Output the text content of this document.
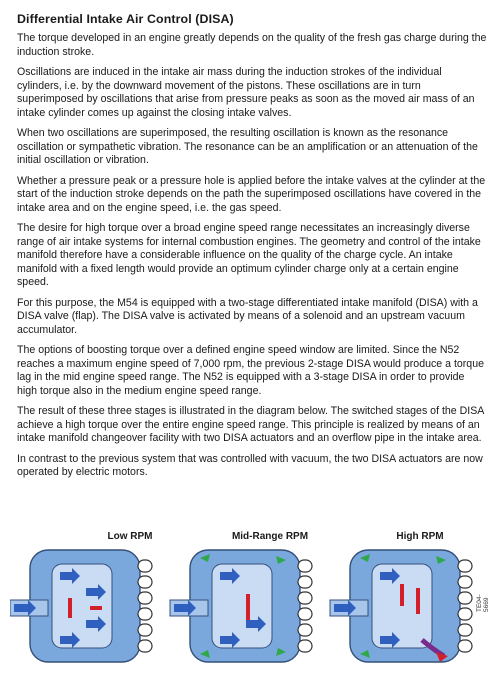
Differential Intake Air Control (DISA)

The torque developed in an engine greatly depends on the quality of the fresh gas charge during the induction stroke.

Oscillations are induced in the intake air mass during the induction strokes of the individual cylinders, i.e. by the downward movement of the pistons. These oscillations are in turn superimposed by oscillations that arise from pressure peaks as soon as the moved air mass of an intake cylinder comes up against the closing intake valves.

When two oscillations are superimposed, the resulting oscillation is known as the resonance oscillation or sympathetic vibration. The resonance can be an amplification or an attenuation of the initial oscillation or vibration.

Whether a pressure peak or a pressure hole is applied before the intake valves at the cylinder at the start of the induction stroke depends on the path the superimposed oscillations have covered in the intake area and on the engine speed, i.e. the gas speed.

The desire for high torque over a broad engine speed range necessitates an increasingly diverse range of air intake systems for internal combustion engines. The geometry and control of the intake manifold therefore have a considerable influence on the quality of the charge cycle. An intake manifold with a fixed length would provide an optimum cylinder charge only at a certain engine speed.

For this purpose, the M54 is equipped with a two-stage differentiated intake manifold (DISA) with a DISA valve (flap). The DISA valve is activated by means of a solenoid and an upstream vacuum accumulator.

The options of boosting torque over a defined engine speed window are limited. Since the N52 reaches a maximum engine speed of 7,000 rpm, the previous 2-stage DISA would produce a torque lag in the mid engine speed range. The N52 is equipped with a 3-stage DISA in order to provide high torque also in the medium engine speed range.

The result of these three stages is illustrated in the diagram below. The switched stages of the DISA achieve a high torque over the entire engine speed range. This principle is realized by means of an intake manifold changeover facility with two DISA actuators and an overflow pipe in the intake area.

In contrast to the previous system that was controlled with vacuum, the two DISA actuators are now operated by electric motors.

Low RPM	Mid-Range RPM	High RPM
TE04-5669
